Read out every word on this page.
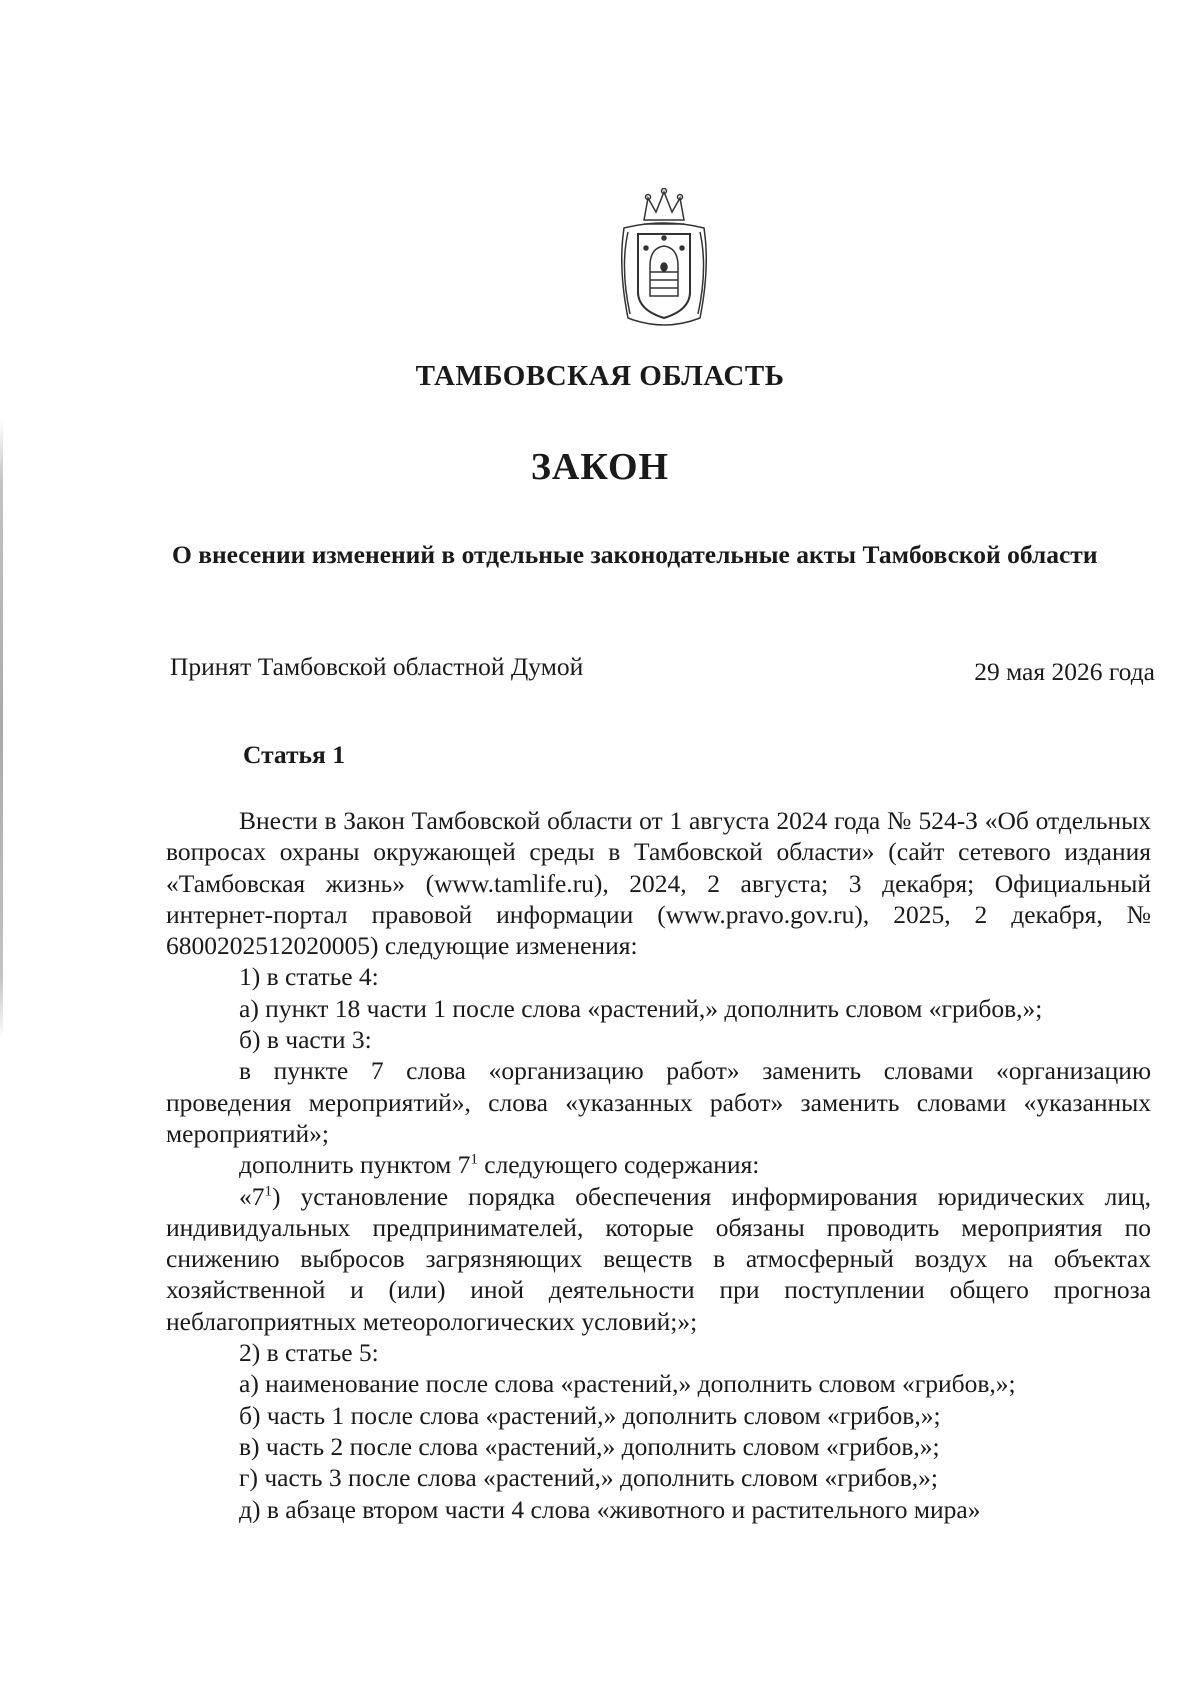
ТАМБОВСКАЯ ОБЛАСТЬ
ЗАКОН
О внесении изменений в отдельные законодательные акты Тамбовской области
Принят Тамбовской областной Думой	29 мая 2026 года
Статья 1

Внести в Закон Тамбовской области от 1 августа 2024 года № 524-З «Об отдельных вопросах охраны окружающей среды в Тамбовской области» (сайт сетевого издания «Тамбовская жизнь» (www.tamlife.ru), 2024, 2 августа; 3 декабря; Официальный интернет-портал правовой информации (www.pravo.gov.ru), 2025, 2 декабря, № 6800202512020005) следующие изменения:

1) в статье 4:

а) пункт 18 части 1 после слова «растений,» дополнить словом «грибов,»;

б) в части 3:

в пункте 7 слова «организацию работ» заменить словами «организацию проведения мероприятий», слова «указанных работ» заменить словами «указанных мероприятий»;

дополнить пунктом $7^1$ следующего содержания:

«$7^1$) установление порядка обеспечения информирования юридических лиц, индивидуальных предпринимателей, которые обязаны проводить мероприятия по снижению выбросов загрязняющих веществ в атмосферный воздух на объектах хозяйственной и (или) иной деятельности при поступлении общего прогноза неблагоприятных метеорологических условий;»;

2) в статье 5:

а) наименование после слова «растений,» дополнить словом «грибов,»;

б) часть 1 после слова «растений,» дополнить словом «грибов,»;

в) часть 2 после слова «растений,» дополнить словом «грибов,»;

г) часть 3 после слова «растений,» дополнить словом «грибов,»;

д) в абзаце втором части 4 слова «животного и растительного мира»
